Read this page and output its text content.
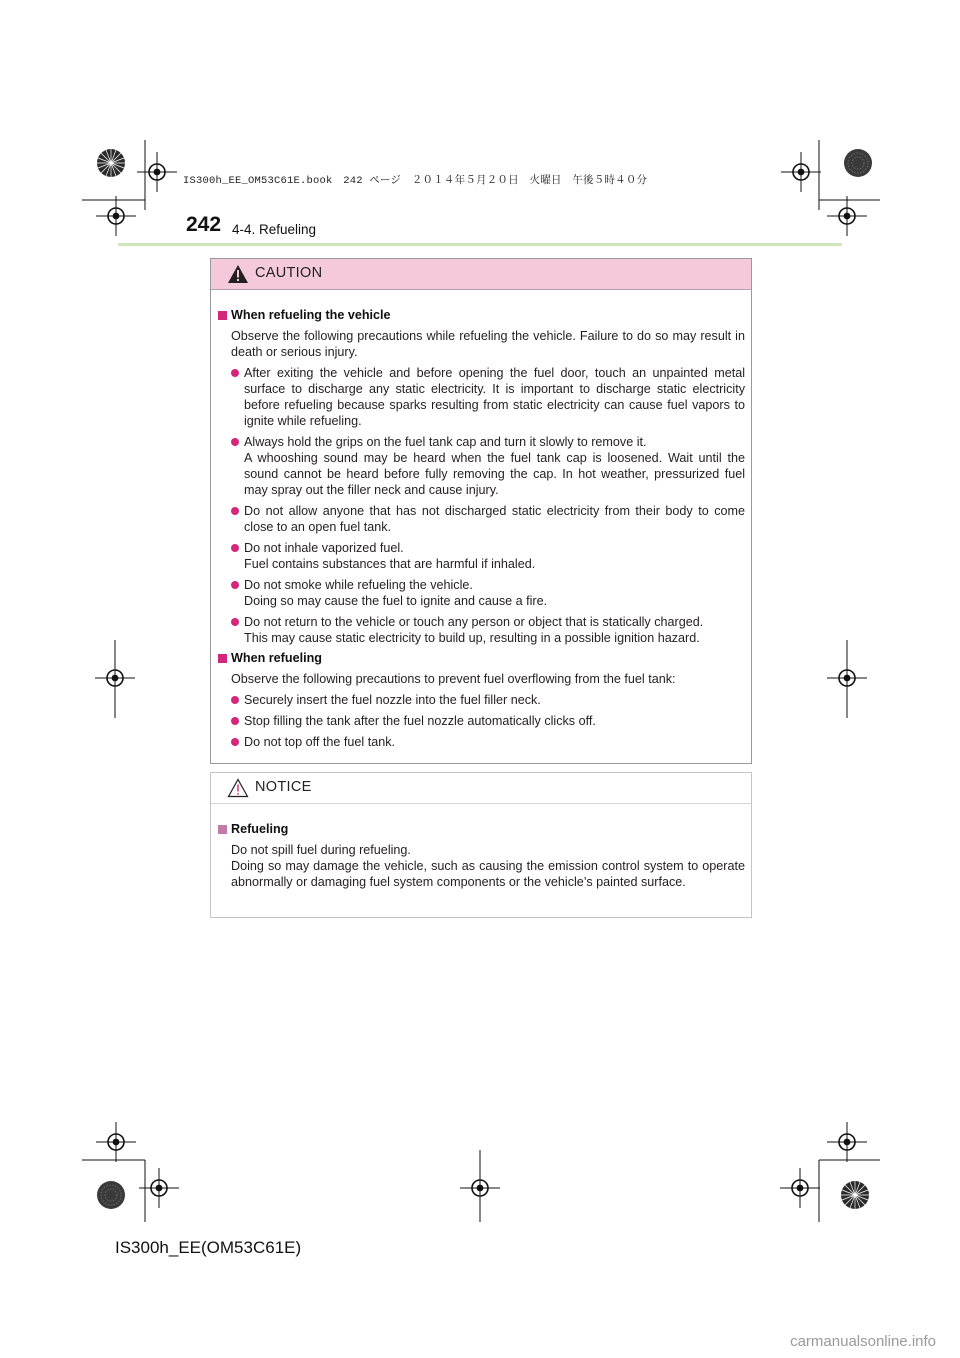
IS300h_EE_OM53C61E.book　242 ページ　２０１４年５月２０日　火曜日　午後５時４０分
242 4-4. Refueling
CAUTION
When refueling the vehicle
Observe the following precautions while refueling the vehicle. Failure to do so may result in death or serious injury.
After exiting the vehicle and before opening the fuel door, touch an unpainted metal surface to discharge any static electricity. It is important to discharge static electricity before refueling because sparks resulting from static electricity can cause fuel vapors to ignite while refueling.
Always hold the grips on the fuel tank cap and turn it slowly to remove it.
A whooshing sound may be heard when the fuel tank cap is loosened. Wait until the sound cannot be heard before fully removing the cap. In hot weather, pressurized fuel may spray out the filler neck and cause injury.
Do not allow anyone that has not discharged static electricity from their body to come close to an open fuel tank.
Do not inhale vaporized fuel.
Fuel contains substances that are harmful if inhaled.
Do not smoke while refueling the vehicle.
Doing so may cause the fuel to ignite and cause a fire.
Do not return to the vehicle or touch any person or object that is statically charged.
This may cause static electricity to build up, resulting in a possible ignition hazard.
When refueling
Observe the following precautions to prevent fuel overflowing from the fuel tank:
Securely insert the fuel nozzle into the fuel filler neck.
Stop filling the tank after the fuel nozzle automatically clicks off.
Do not top off the fuel tank.
NOTICE
Refueling
Do not spill fuel during refueling.
Doing so may damage the vehicle, such as causing the emission control system to operate abnormally or damaging fuel system components or the vehicle’s painted surface.
IS300h_EE(OM53C61E)
carmanualsonline.info
